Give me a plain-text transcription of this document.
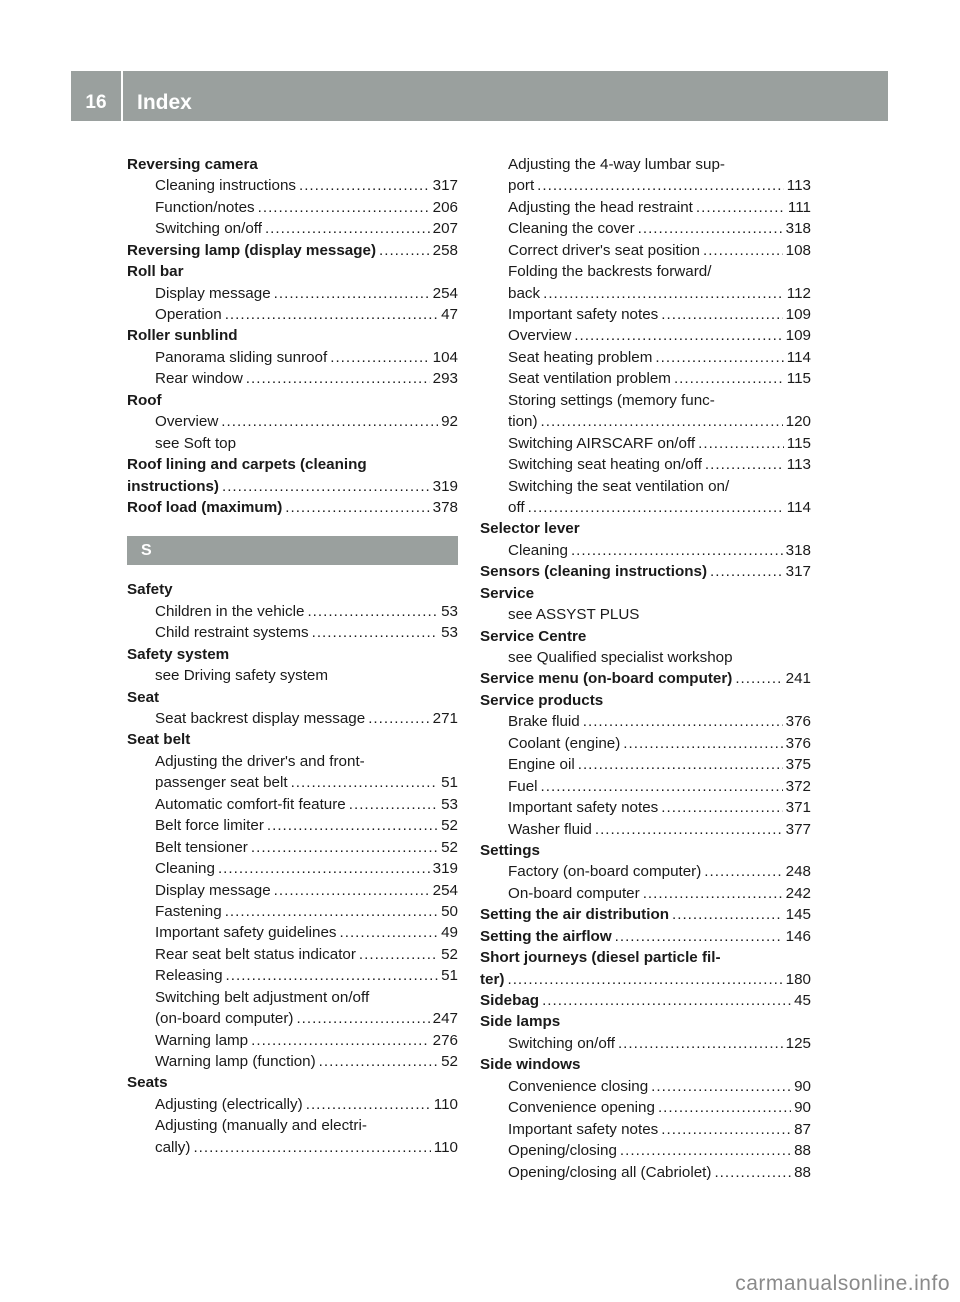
16	Index
Reversing camera
Cleaning instructions .....	317
Function/notes .....	206
Switching on/off .....	207
Reversing lamp (display message) .....	258
Roll bar
Display message .....	254
Operation .....	47
Roller sunblind
Panorama sliding sunroof .....	104
Rear window .....	293
Roof
Overview .....	92
see Soft top
Roof lining and carpets (cleaning
instructions) .....	319
Roof load (maximum) .....	378
S
Safety
Children in the vehicle .....	53
Child restraint systems .....	53
Safety system
see Driving safety system
Seat
Seat backrest display message .....	271
Seat belt
Adjusting the driver's and front-
passenger seat belt .....	51
Automatic comfort-fit feature .....	53
Belt force limiter .....	52
Belt tensioner .....	52
Cleaning .....	319
Display message .....	254
Fastening .....	50
Important safety guidelines .....	49
Rear seat belt status indicator .....	52
Releasing .....	51
Switching belt adjustment on/off
(on-board computer) .....	247
Warning lamp .....	276
Warning lamp (function) .....	52
Seats
Adjusting (electrically) .....	110
Adjusting (manually and electri-
cally) .....	110
Adjusting the 4-way lumbar sup-
port .....	113
Adjusting the head restraint .....	111
Cleaning the cover .....	318
Correct driver's seat position .....	108
Folding the backrests forward/
back .....	112
Important safety notes .....	109
Overview .....	109
Seat heating problem .....	114
Seat ventilation problem .....	115
Storing settings (memory func-
tion) .....	120
Switching AIRSCARF on/off .....	115
Switching seat heating on/off .....	113
Switching the seat ventilation on/
off .....	114
Selector lever
Cleaning .....	318
Sensors (cleaning instructions) .....	317
Service
see ASSYST PLUS
Service Centre
see Qualified specialist workshop
Service menu (on-board computer) .....	241
Service products
Brake fluid .....	376
Coolant (engine) .....	376
Engine oil .....	375
Fuel .....	372
Important safety notes .....	371
Washer fluid .....	377
Settings
Factory (on-board computer) .....	248
On-board computer .....	242
Setting the air distribution .....	145
Setting the airflow .....	146
Short journeys (diesel particle fil-
ter) .....	180
Sidebag .....	45
Side lamps
Switching on/off .....	125
Side windows
Convenience closing .....	90
Convenience opening .....	90
Important safety notes .....	87
Opening/closing .....	88
Opening/closing all (Cabriolet) .....	88
carmanualsonline.info
